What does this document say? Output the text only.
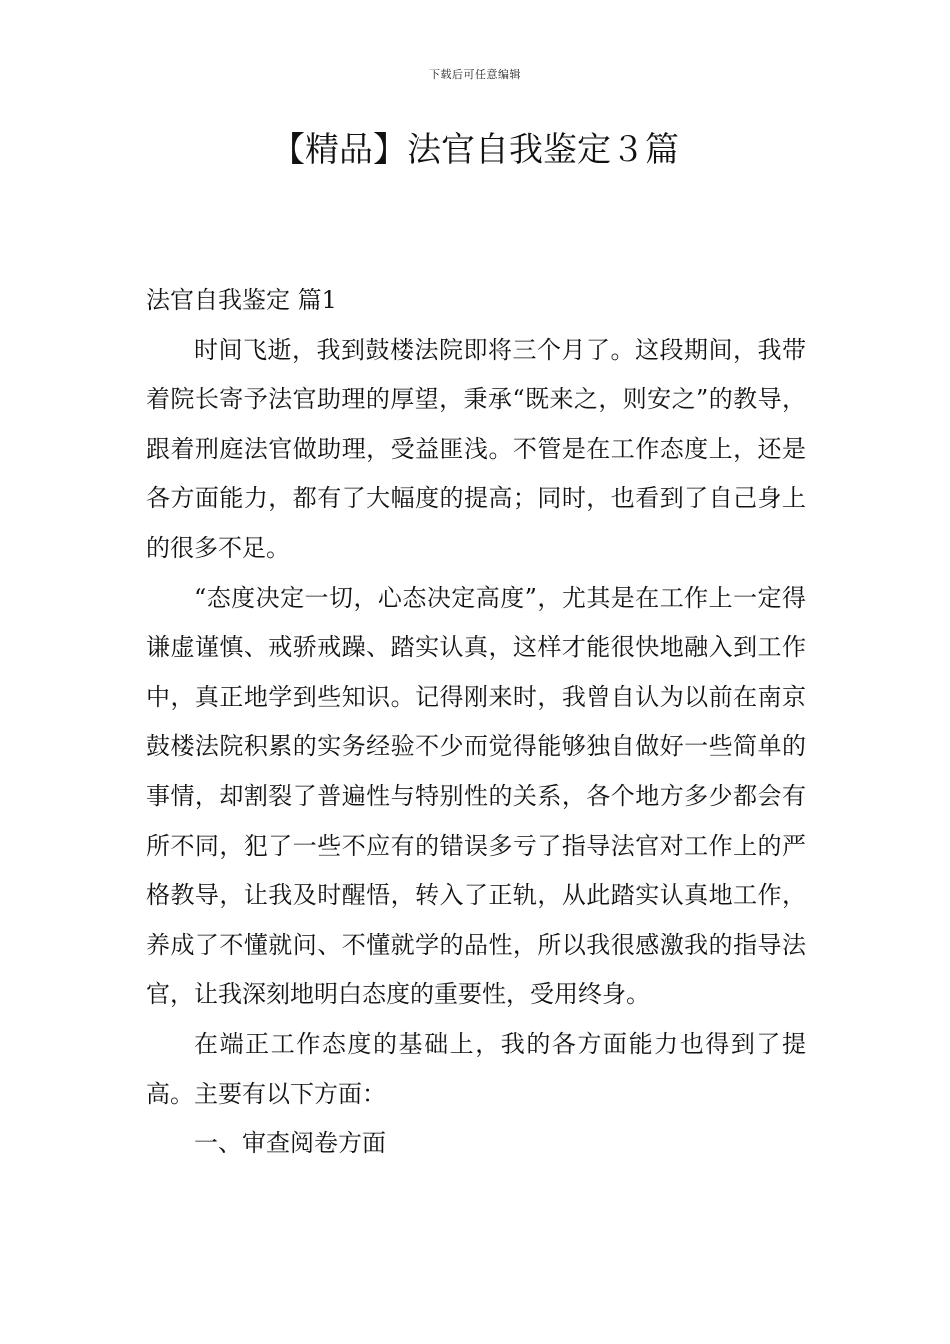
下载后可任意编辑
【精品】法官自我鉴定３篇
法官自我鉴定 篇1

时间飞逝，我到鼓楼法院即将三个月了。这段期间，我带着院长寄予法官助理的厚望，秉承“既来之，则安之”的教导，跟着刑庭法官做助理，受益匪浅。不管是在工作态度上，还是各方面能力，都有了大幅度的提高；同时，也看到了自己身上的很多不足。

“态度决定一切，心态决定高度”，尤其是在工作上一定得谦虚谨慎、戒骄戒躁、踏实认真，这样才能很快地融入到工作中，真正地学到些知识。记得刚来时，我曾自认为以前在南京鼓楼法院积累的实务经验不少而觉得能够独自做好一些简单的事情，却割裂了普遍性与特别性的关系，各个地方多少都会有所不同，犯了一些不应有的错误多亏了指导法官对工作上的严格教导，让我及时醒悟，转入了正轨，从此踏实认真地工作，养成了不懂就问、不懂就学的品性，所以我很感激我的指导法官，让我深刻地明白态度的重要性，受用终身。

在端正工作态度的基础上，我的各方面能力也得到了提高。主要有以下方面：

一、审查阅卷方面
